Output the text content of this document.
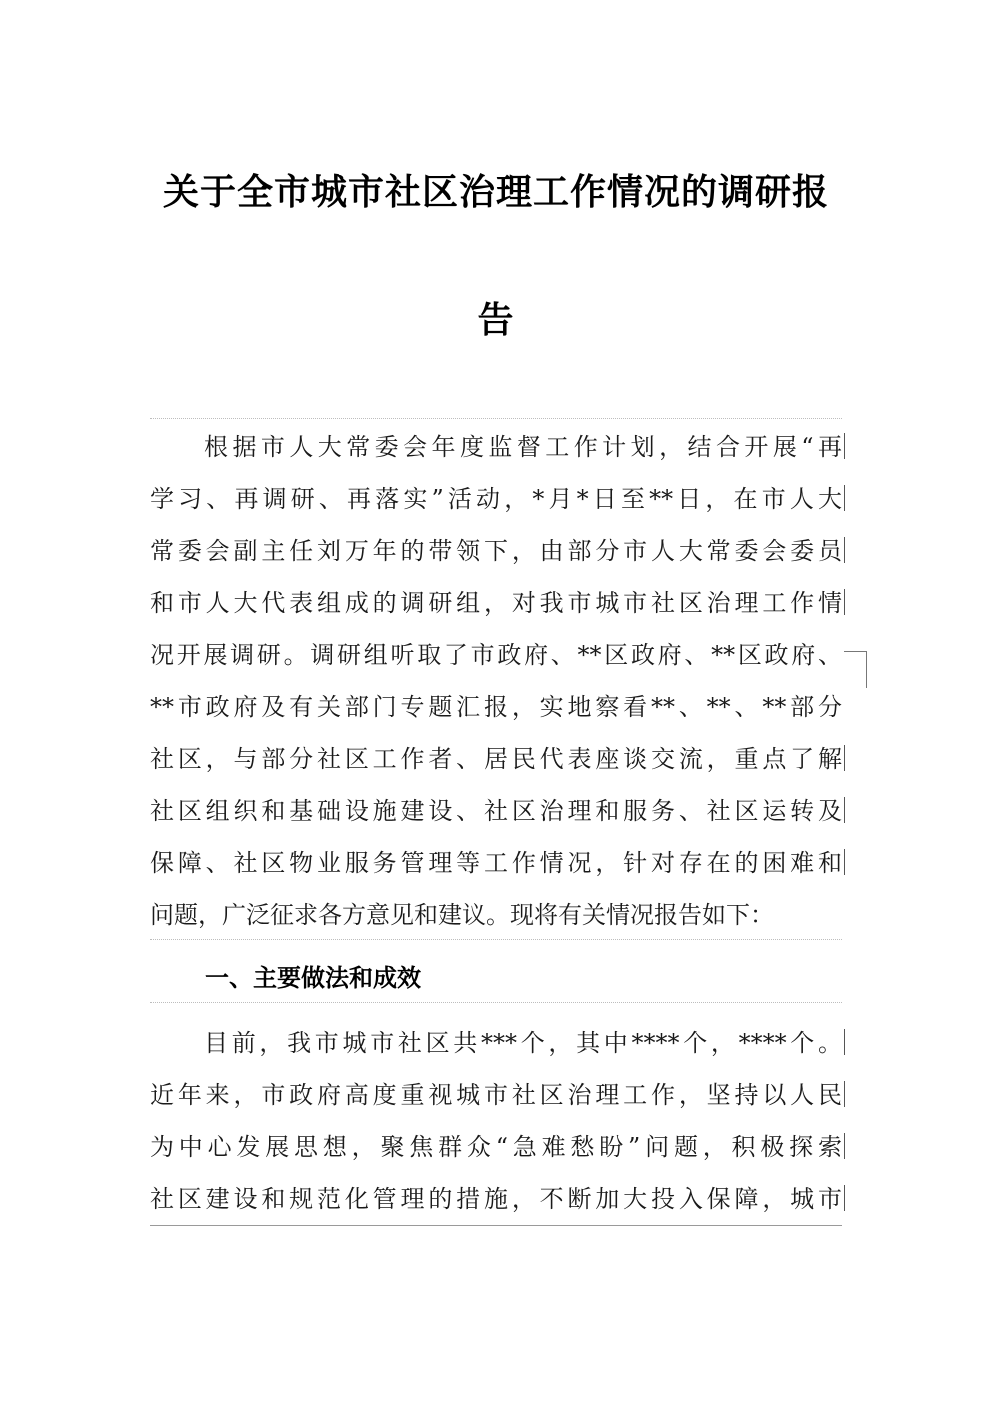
关于全市城市社区治理工作情况的调研报
告
根据市人大常委会年度监督工作计划，结合开展“再
学习、再调研、再落实”活动，*月*日至**日，在市人大
常委会副主任刘万年的带领下，由部分市人大常委会委员
和市人大代表组成的调研组，对我市城市社区治理工作情
况开展调研。调研组听取了市政府、**区政府、**区政府、
**市政府及有关部门专题汇报，实地察看**、**、**部分
社区，与部分社区工作者、居民代表座谈交流，重点了解
社区组织和基础设施建设、社区治理和服务、社区运转及
保障、社区物业服务管理等工作情况，针对存在的困难和
问题，广泛征求各方意见和建议。现将有关情况报告如下：
一、主要做法和成效
目前，我市城市社区共***个，其中****个，****个。
近年来，市政府高度重视城市社区治理工作，坚持以人民
为中心发展思想，聚焦群众“急难愁盼”问题，积极探索
社区建设和规范化管理的措施，不断加大投入保障，城市
